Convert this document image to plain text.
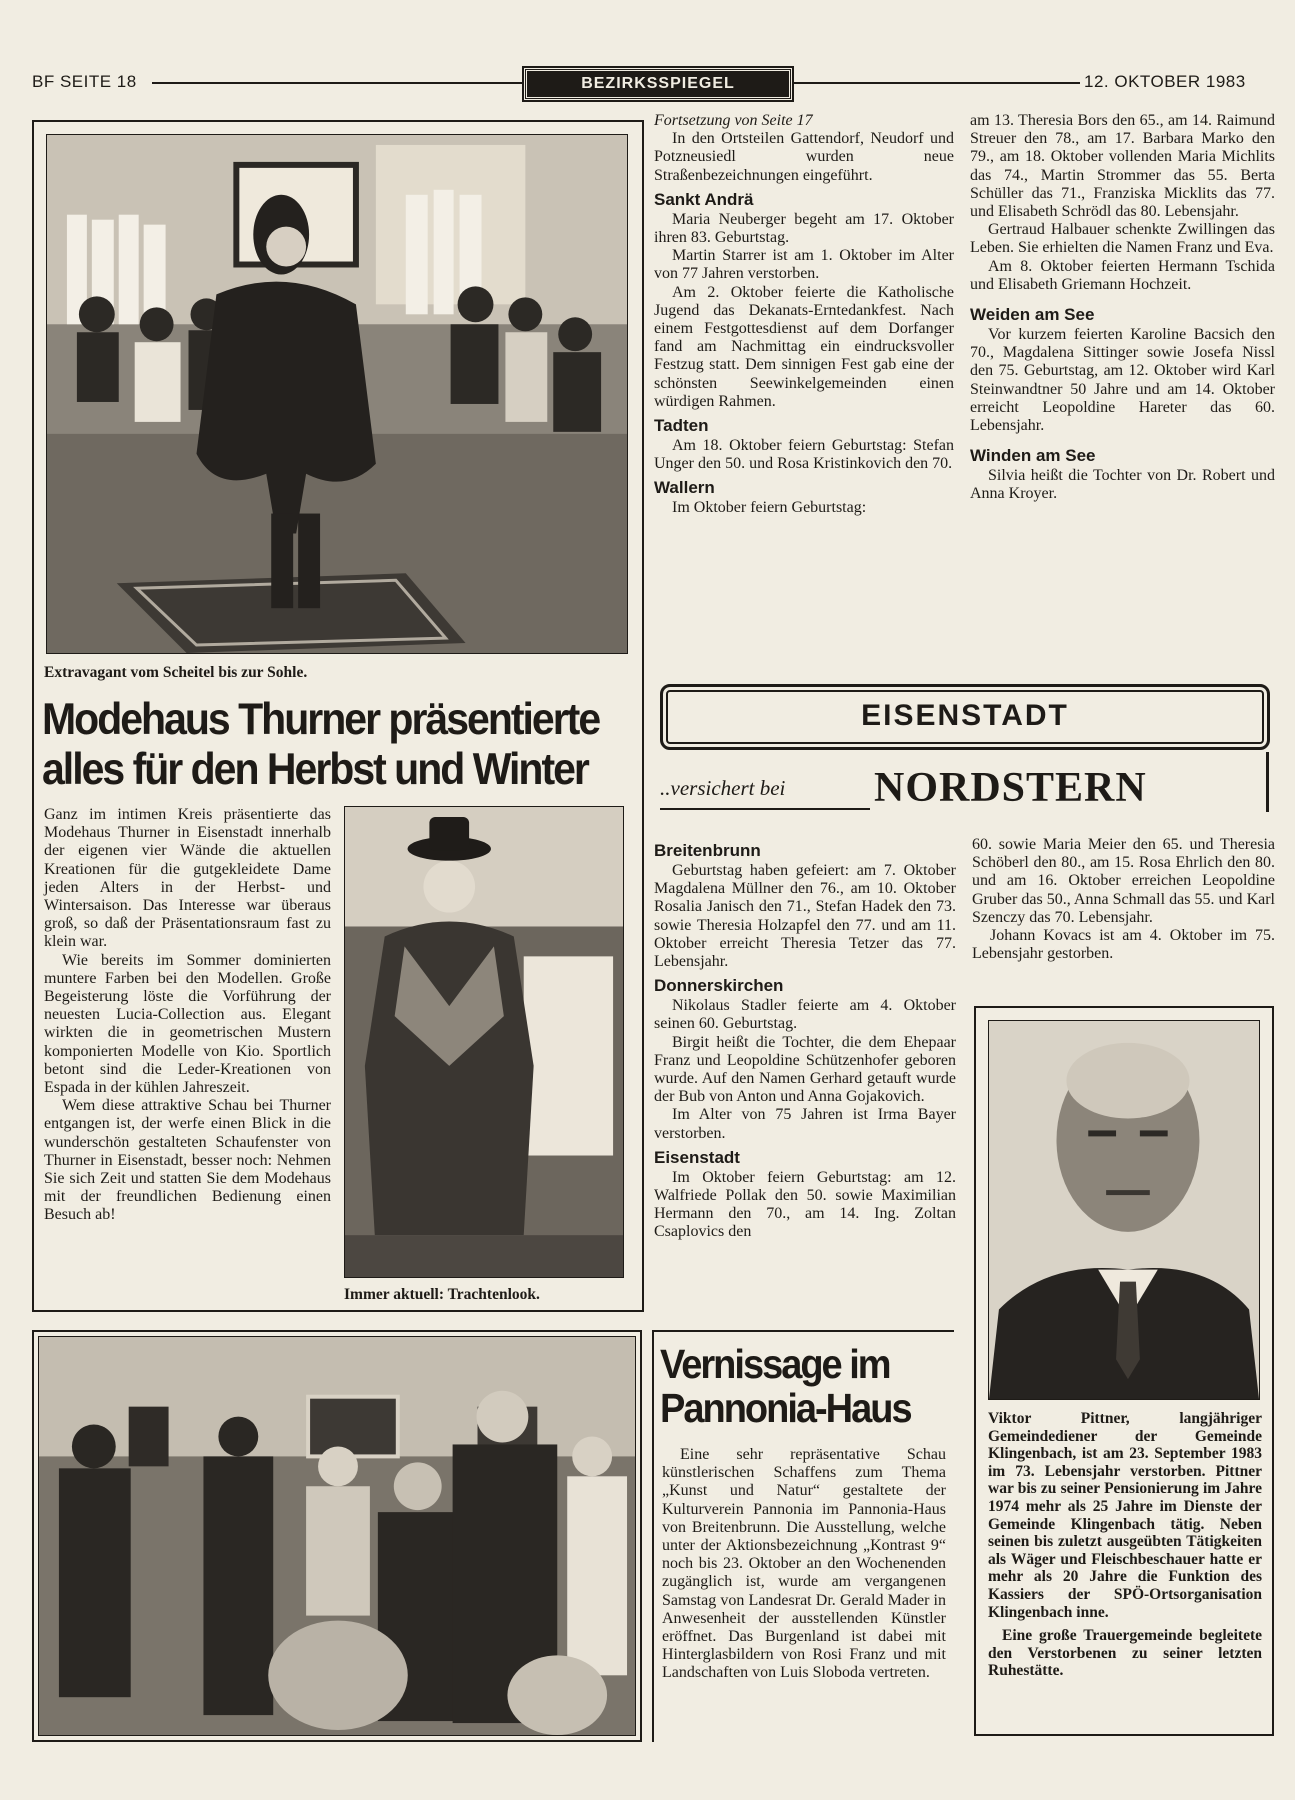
BF SEITE 18	BEZIRKSSPIEGEL	12. OKTOBER 1983
Extravagant vom Scheitel bis zur Sohle.
Modehaus Thurner präsentierte
alles für den Herbst und Winter

Ganz im intimen Kreis präsentierte das Modehaus Thurner in Eisenstadt innerhalb der eigenen vier Wände die aktuellen Kreationen für die gutgekleidete Dame jeden Alters in der Herbst- und Wintersaison. Das Interesse war überaus groß, so daß der Präsentationsraum fast zu klein war.

Wie bereits im Sommer dominierten muntere Farben bei den Modellen. Große Begeisterung löste die Vorführung der neuesten Lucia-Collection aus. Elegant wirkten die in geometrischen Mustern komponierten Modelle von Kio. Sportlich betont sind die Leder-Kreationen von Espada in der kühlen Jahreszeit.

Wem diese attraktive Schau bei Thurner entgangen ist, der werfe einen Blick in die wunderschön gestalteten Schaufenster von Thurner in Eisenstadt, besser noch: Nehmen Sie sich Zeit und statten Sie dem Modehaus mit der freundlichen Bedienung einen Besuch ab!

Immer aktuell: Trachtenlook.

Fortsetzung von Seite 17

In den Ortsteilen Gattendorf, Neudorf und Potzneusiedl wurden neue Straßenbezeichnungen eingeführt.

Sankt Andrä

Maria Neuberger begeht am 17. Oktober ihren 83. Geburtstag.

Martin Starrer ist am 1. Oktober im Alter von 77 Jahren verstorben.

Am 2. Oktober feierte die Katholische Jugend das Dekanats-Erntedankfest. Nach einem Festgottesdienst auf dem Dorfanger fand am Nachmittag ein eindrucksvoller Festzug statt. Dem sinnigen Fest gab eine der schönsten Seewinkelgemeinden einen würdigen Rahmen.

Tadten

Am 18. Oktober feiern Geburtstag: Stefan Unger den 50. und Rosa Kristinkovich den 70.

Wallern

Im Oktober feiern Geburtstag:

am 13. Theresia Bors den 65., am 14. Raimund Streuer den 78., am 17. Barbara Marko den 79., am 18. Oktober vollenden Maria Michlits das 74., Martin Strommer das 55. Berta Schüller das 71., Franziska Micklits das 77. und Elisabeth Schrödl das 80. Lebensjahr.

Gertraud Halbauer schenkte Zwillingen das Leben. Sie erhielten die Namen Franz und Eva.

Am 8. Oktober feierten Hermann Tschida und Elisabeth Griemann Hochzeit.

Weiden am See

Vor kurzem feierten Karoline Bacsich den 70., Magdalena Sittinger sowie Josefa Nissl den 75. Geburtstag, am 12. Oktober wird Karl Steinwandtner 50 Jahre und am 14. Oktober erreicht Leopoldine Hareter das 60. Lebensjahr.

Winden am See

Silvia heißt die Tochter von Dr. Robert und Anna Kroyer.

EISENSTADT
..versichert bei NORDSTERN
Breitenbrunn

Geburtstag haben gefeiert: am 7. Oktober Magdalena Müllner den 76., am 10. Oktober Rosalia Janisch den 71., Stefan Hadek den 73. sowie Theresia Holzapfel den 77. und am 11. Oktober erreicht Theresia Tetzer das 77. Lebensjahr.

Donnerskirchen

Nikolaus Stadler feierte am 4. Oktober seinen 60. Geburtstag.

Birgit heißt die Tochter, die dem Ehepaar Franz und Leopoldine Schützenhofer geboren wurde. Auf den Namen Gerhard getauft wurde der Bub von Anton und Anna Gojakovich.

Im Alter von 75 Jahren ist Irma Bayer verstorben.

Eisenstadt

Im Oktober feiern Geburtstag: am 12. Walfriede Pollak den 50. sowie Maximilian Hermann den 70., am 14. Ing. Zoltan Csaplovics den

60. sowie Maria Meier den 65. und Theresia Schöberl den 80., am 15. Rosa Ehrlich den 80. und am 16. Oktober erreichen Leopoldine Gruber das 50., Anna Schmall das 55. und Karl Szenczy das 70. Lebensjahr.

Johann Kovacs ist am 4. Oktober im 75. Lebensjahr gestorben.

Viktor Pittner, langjähriger Gemeindediener der Gemeinde Klingenbach, ist am 23. September 1983 im 73. Lebensjahr verstorben. Pittner war bis zu seiner Pensionierung im Jahre 1974 mehr als 25 Jahre im Dienste der Gemeinde Klingenbach tätig. Neben seinen bis zuletzt ausgeübten Tätigkeiten als Wäger und Fleischbeschauer hatte er mehr als 20 Jahre die Funktion des Kassiers der SPÖ-Ortsorganisation Klingenbach inne.

Eine große Trauergemeinde begleitete den Verstorbenen zu seiner letzten Ruhestätte.

Vernissage im
Pannonia-Haus

Eine sehr repräsentative Schau künstlerischen Schaffens zum Thema „Kunst und Natur“ gestaltete der Kulturverein Pannonia im Pannonia-Haus von Breitenbrunn. Die Ausstellung, welche unter der Aktionsbezeichnung „Kontrast 9“ noch bis 23. Oktober an den Wochenenden zugänglich ist, wurde am vergangenen Samstag von Landesrat Dr. Gerald Mader in Anwesenheit der ausstellenden Künstler eröffnet. Das Burgenland ist dabei mit Hinterglasbildern von Rosi Franz und mit Landschaften von Luis Sloboda vertreten.
